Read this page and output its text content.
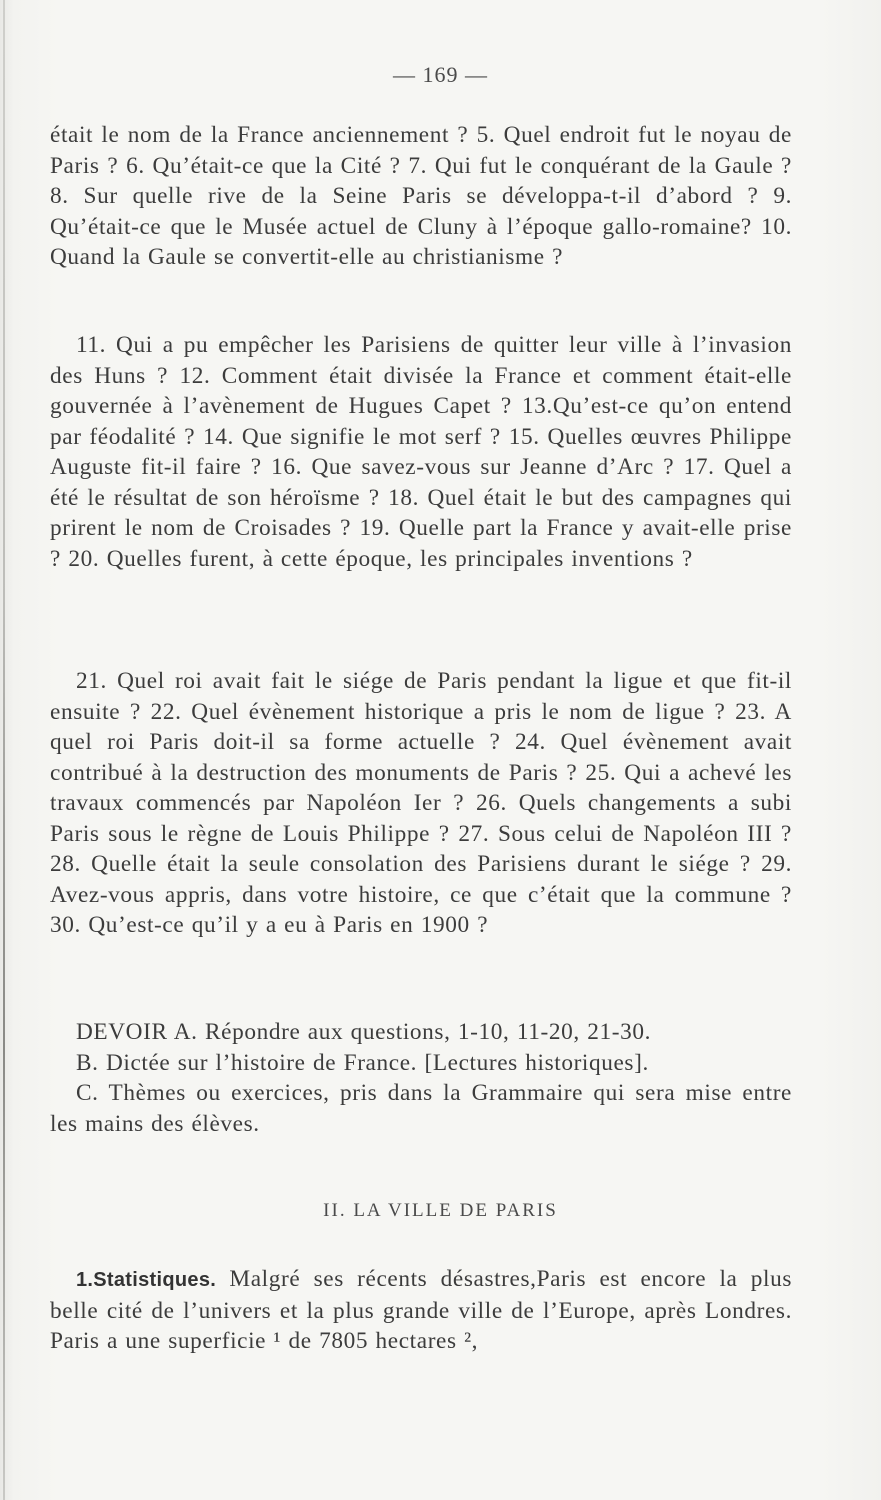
— 169 —

était le nom de la France anciennement ? 5. Quel endroit fut le noyau de Paris ? 6. Qu’était-ce que la Cité ? 7. Qui fut le conquérant de la Gaule ? 8. Sur quelle rive de la Seine Paris se développa-t-il d’abord ? 9. Qu’était-ce que le Musée actuel de Cluny à l’époque gallo-romaine? 10. Quand la Gaule se convertit-elle au christianisme ?

11. Qui a pu empêcher les Parisiens de quitter leur ville à l’invasion des Huns ? 12. Comment était divisée la France et comment était-elle gouvernée à l’avènement de Hugues Capet ? 13.Qu’est-ce qu’on entend par féodalité ? 14. Que signifie le mot serf ? 15. Quelles œuvres Philippe Auguste fit-il faire ? 16. Que savez-vous sur Jeanne d’Arc ? 17. Quel a été le résultat de son héroïsme ? 18. Quel était le but des campagnes qui prirent le nom de Croisades ? 19. Quelle part la France y avait-elle prise ? 20. Quelles furent, à cette époque, les principales inventions ?

21. Quel roi avait fait le siége de Paris pendant la ligue et que fit-il ensuite ? 22. Quel évènement historique a pris le nom de ligue ? 23. A quel roi Paris doit-il sa forme actuelle ? 24. Quel évènement avait contribué à la destruction des monuments de Paris ? 25. Qui a achevé les travaux commencés par Napoléon Ier ? 26. Quels changements a subi Paris sous le règne de Louis Philippe ? 27. Sous celui de Napoléon III ? 28. Quelle était la seule consolation des Parisiens durant le siége ? 29. Avez-vous appris, dans votre histoire, ce que c’était que la commune ? 30. Qu’est-ce qu’il y a eu à Paris en 1900 ?

DEVOIR A. Répondre aux questions, 1-10, 11-20, 21-30.

B. Dictée sur l’histoire de France. [Lectures historiques].

C. Thèmes ou exercices, pris dans la Grammaire qui sera mise entre les mains des élèves.

II. LA VILLE DE PARIS

1.Statistiques. Malgré ses récents désastres,Paris est encore la plus belle cité de l’univers et la plus grande ville de l’Europe, après Londres. Paris a une superficie ¹ de 7805 hectares ²,
